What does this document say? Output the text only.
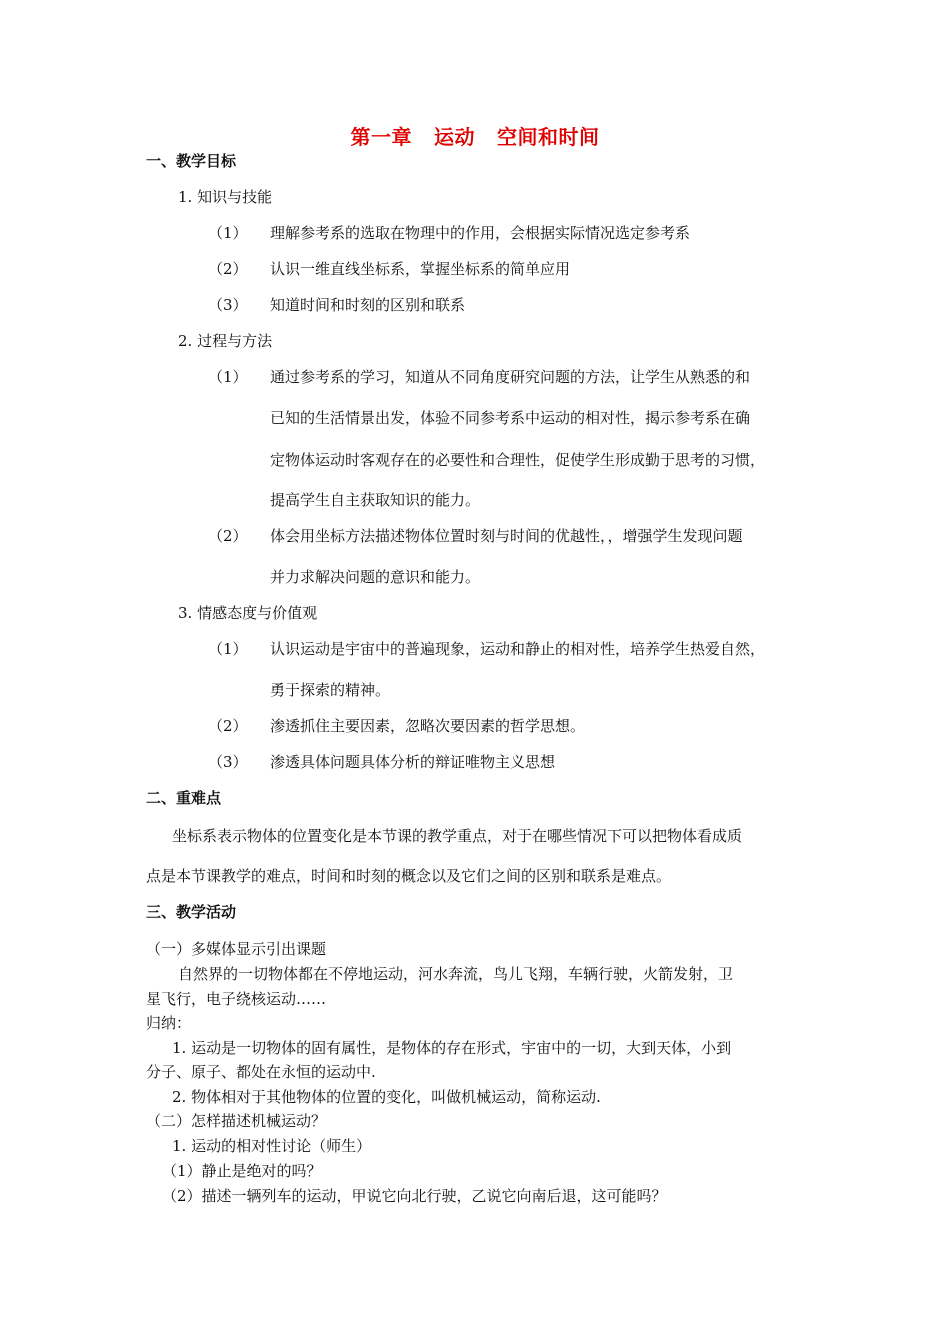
第一章 运动 空间和时间
一、教学目标
1. 知识与技能
（1） 理解参考系的选取在物理中的作用，会根据实际情况选定参考系
（2） 认识一维直线坐标系，掌握坐标系的简单应用
（3） 知道时间和时刻的区别和联系
2. 过程与方法
（1） 通过参考系的学习，知道从不同角度研究问题的方法，让学生从熟悉的和
已知的生活情景出发，体验不同参考系中运动的相对性，揭示参考系在确
定物体运动时客观存在的必要性和合理性，促使学生形成勤于思考的习惯，
提高学生自主获取知识的能力。
（2） 体会用坐标方法描述物体位置时刻与时间的优越性，，增强学生发现问题
并力求解决问题的意识和能力。
3. 情感态度与价值观
（1） 认识运动是宇宙中的普遍现象，运动和静止的相对性，培养学生热爱自然，
勇于探索的精神。
（2） 渗透抓住主要因素，忽略次要因素的哲学思想。
（3） 渗透具体问题具体分析的辩证唯物主义思想
二、重难点
坐标系表示物体的位置变化是本节课的教学重点，对于在哪些情况下可以把物体看成质
点是本节课教学的难点，时间和时刻的概念以及它们之间的区别和联系是难点。
三、教学活动
（一）多媒体显示引出课题
自然界的一切物体都在不停地运动，河水奔流，鸟儿飞翔，车辆行驶，火箭发射，卫
星飞行，电子绕核运动……
归纳：
1. 运动是一切物体的固有属性，是物体的存在形式，宇宙中的一切，大到天体，小到
分子、原子、都处在永恒的运动中.
2. 物体相对于其他物体的位置的变化，叫做机械运动，简称运动.
（二）怎样描述机械运动？
1. 运动的相对性讨论（师生）
（1）静止是绝对的吗？
（2）描述一辆列车的运动，甲说它向北行驶，乙说它向南后退，这可能吗？
